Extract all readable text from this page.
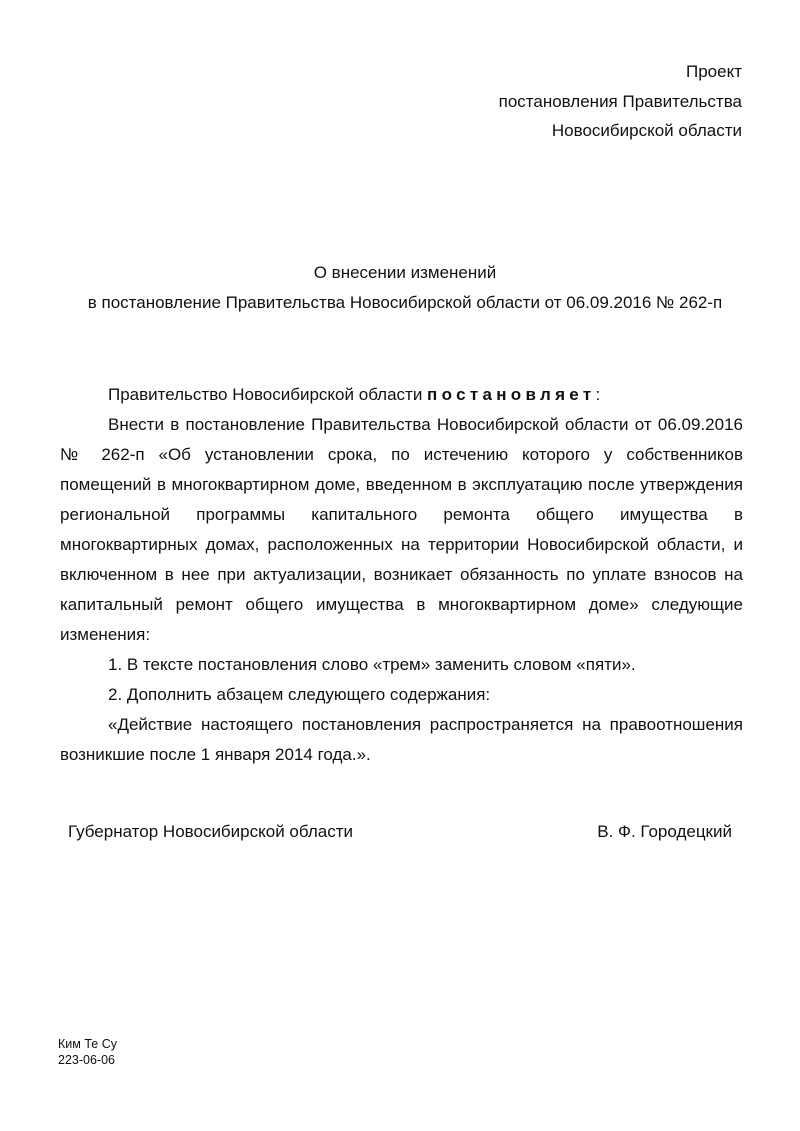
Проект
постановления Правительства
Новосибирской области
О внесении изменений
в постановление Правительства Новосибирской области от 06.09.2016 № 262-п

Правительство Новосибирской области постановляет:

Внести в постановление Правительства Новосибирской области от 06.09.2016 № 262-п «Об установлении срока, по истечению которого у собственников помещений в многоквартирном доме, введенном в эксплуатацию после утверждения региональной программы капитального ремонта общего имущества в многоквартирных домах, расположенных на территории Новосибирской области, и включенном в нее при актуализации, возникает обязанность по уплате взносов на капитальный ремонт общего имущества в многоквартирном доме» следующие изменения:

1. В тексте постановления слово «трем» заменить словом «пяти».

2. Дополнить абзацем следующего содержания:

«Действие настоящего постановления распространяется на правоотношения возникшие после 1 января 2014 года.».

Губернатор Новосибирской области	В. Ф. Городецкий
Ким Те Су
223-06-06
